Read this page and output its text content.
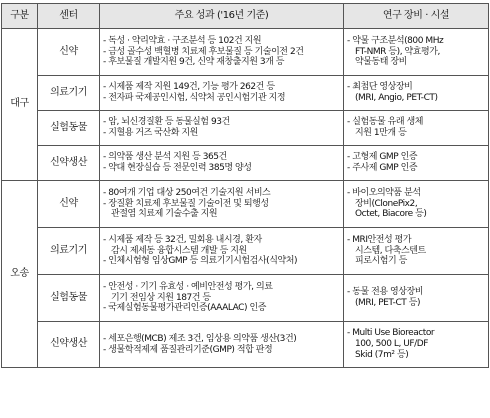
구분	센터	주요 성과 ('16년 기준)	연구 장비 · 시설
대구	신약	- 독성 · 약리약효 · 구조분석 등 102건 지원
- 금성 골수성 백혈병 치료제 후보물질 등 기술이전 2건
- 후보물질 개발지원 9건, 신약 재창출지원 3개 등	- 약물 구조분석(800 MHz
FT-NMR 등), 약효평가,
약물동태 장비

	의료기기	- 시제품 제작 지원 149건, 기능 평가 262건 등
- 전자파 국제공인시험, 식약처 공인시험기관 지정	- 최첨단 영상장비
(MRI, Angio, PET-CT)

	실험동물	- 암, 뇌신경질환 등 동물실험 93건
- 지혈용 거즈 국산화 지원	- 실험동물 유래 생체
지원 1만개 등

	신약생산	- 의약품 생산 분석 지원 등 365건
- 약대 현장실습 등 전문인력 385명 양성	- 고형제 GMP 인증
- 주사제 GMP 인증

오송	신약	- 80여개 기업 대상 250여건 기술지원 서비스
- 장질환 치료제 후보물질 기술이전 및 퇴행성
관절염 치료제 기술수출 지원	- 바이오의약품 분석
장비(ClonePix2,
Octet, Biacore 등)

	의료기기	- 시제품 제작 등 32건, 밀회용 내시경, 환자
감시 제세동 융합시스템 개발 등 지원
- 인체시험형 임상GMP 등 의료기기시험검사(식약처)	- MRI안전성 평가
시스템, 다축스텐트
피로시험기 등

	실험동물	- 안전성 · 기기 유효성 · 예비안전성 평가, 의료
기기 전임상 지원 187건 등
- 국제실험동물평가관리인증(AAALAC) 인증	- 동물 전용 영상장비
(MRI, PET-CT 등)

	신약생산	- 세포은행(MCB) 제조 3건, 임상용 의약품 생산(3건)
- 생물학적제제 품질관리기준(GMP) 적합 판정	- Multi Use Bioreactor
100, 500 L, UF/DF
Skid (7m² 등)
